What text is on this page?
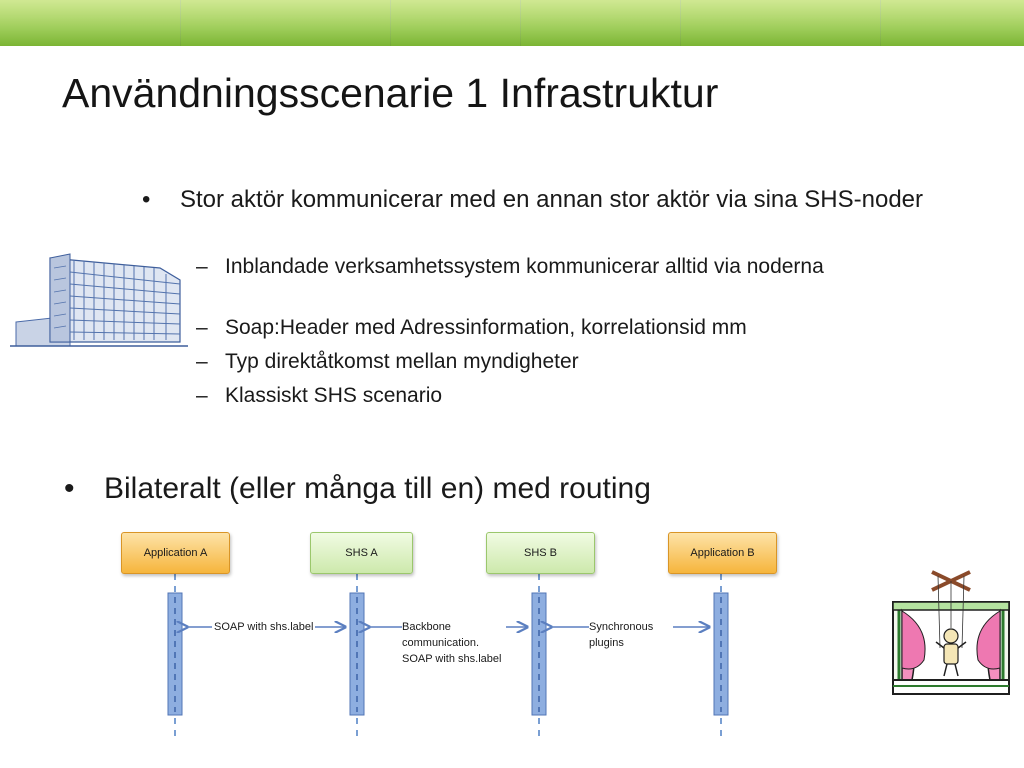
Användningsscenarie 1 Infrastruktur
• Stor aktör kommunicerar med en annan stor aktör via sina SHS-noder
– Inblandade verksamhetssystem kommunicerar alltid via noderna
– Soap:Header med Adressinformation, korrelationsid mm
– Typ direktåtkomst mellan myndigheter
– Klassiskt SHS scenario
• Bilateralt (eller många till en) med routing
SOAP with shs.label	Backbone communication. SOAP with shs.label
Synchronous plugins
Application A	SHS A	SHS B	Application B
